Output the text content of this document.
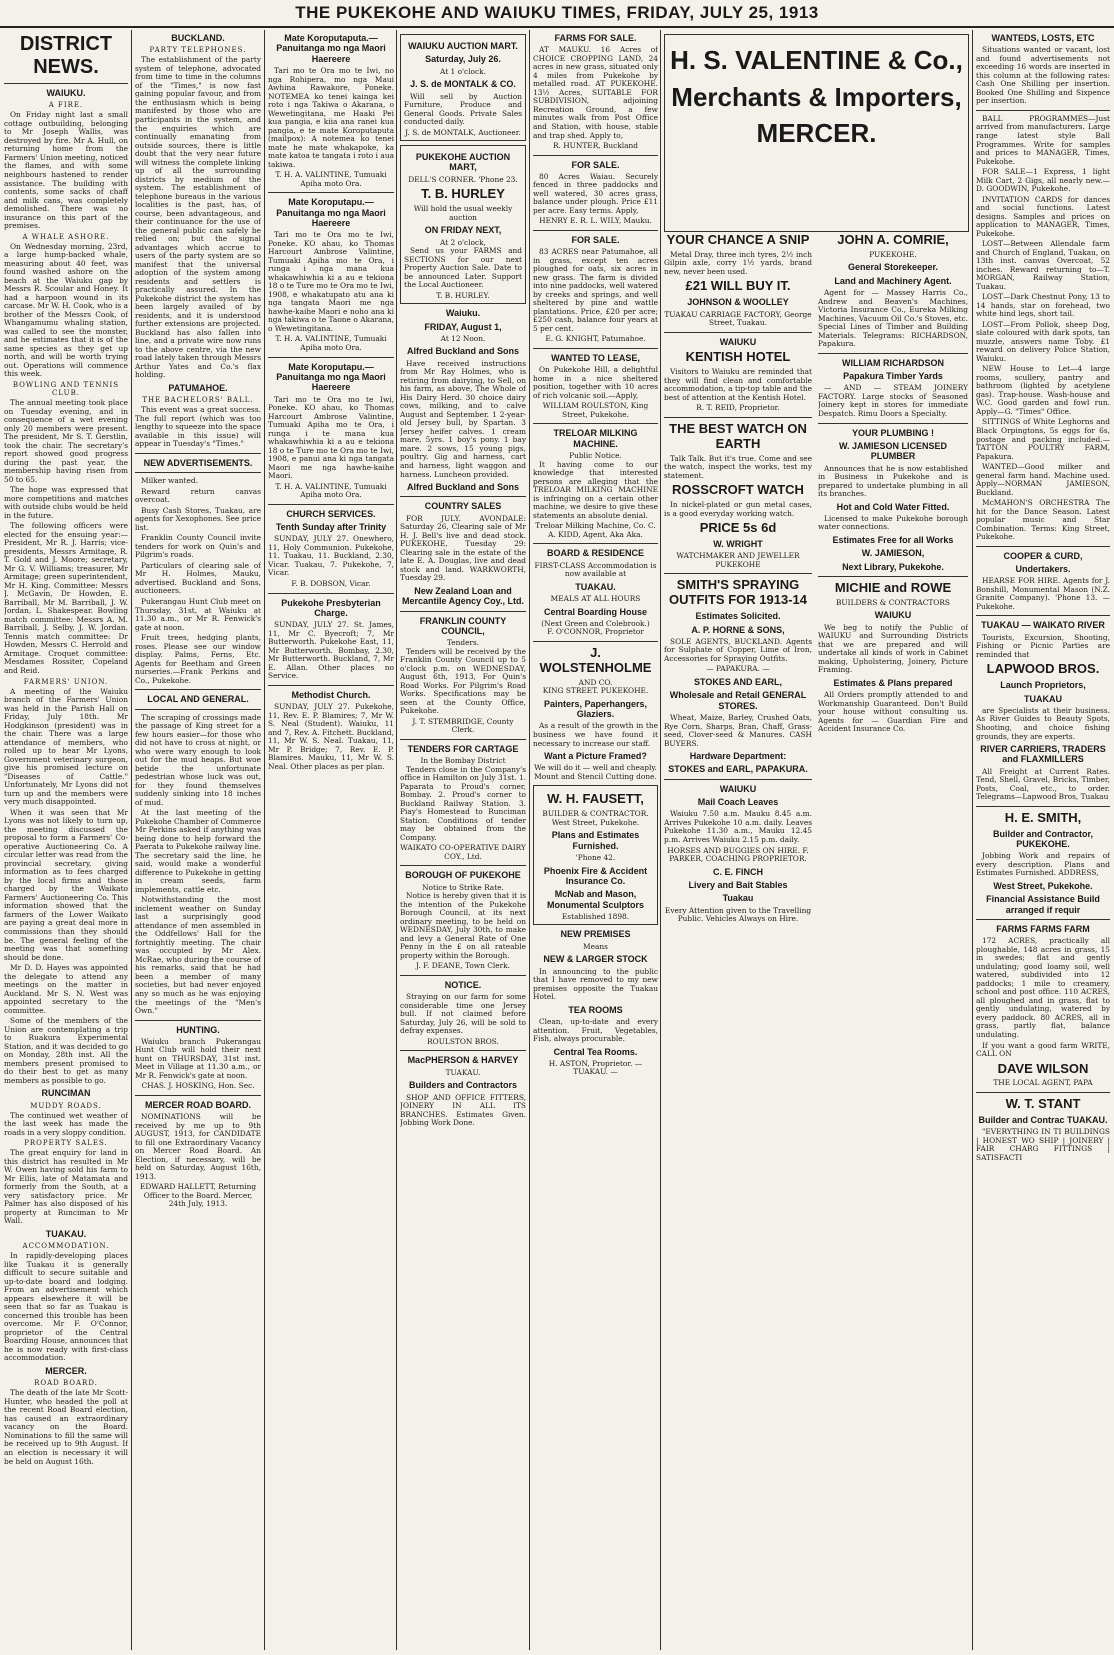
THE PUKEKOHE AND WAIUKU TIMES, FRIDAY, JULY 25, 1913
DISTRICT NEWS.
WAIUKU.
A FIRE.

On Friday night last a small cottage outbuilding, belonging to Mr Joseph Wallis, was destroyed by fire. Mr A. Hull, on returning home from the Farmers' Union meeting, noticed the flames, and with some neighbours hastened to render assistance. The building with contents, some sacks of chaff and milk cans, was completely demolished. There was no insurance on this part of the premises.

A WHALE ASHORE.

On Wednesday morning, 23rd, a large hump-backed whale, measuring about 40 feet, was found washed ashore on the beach at the Waiuku gap by Messrs R. Scoular and Honey. It had a harpoon wound in its carcase. Mr W. H. Cook, who is a brother of the Messrs Cook, of Whangamumu whaling station, was called to see the monster, and he estimates that it is of the same species as they get up north, and will be worth trying out. Operations will commence this week.

BOWLING AND TENNIS CLUB.

The annual meeting took place on Tuesday evening, and in consequence of a wet evening only 20 members were present. The president, Mr S. T. Gerstlin, took the chair. The secretary's report showed good progress during the past year, the membership having risen from 50 to 65.

The hope was expressed that more competitions and matches with outside clubs would be held in the future.

The following officers were elected for the ensuing year:—President, Mr R. J. Harris; vice-presidents, Messrs Armitage, R. T. Gold and J. Moore; secretary, Mr G. V. Williams; treasurer, Mr Armitage; green superintendent, Mr H. King. Committee: Messrs J. McGavin, Dr Howden, E. Barriball, Mr M. Barriball, J. W. Jordan, L. Shakespear. Bowling match committee: Messrs A. M. Barriball, J. Selby, J. W. Jordan. Tennis match committee: Dr Howden, Messrs C. Herrold and Armitage. Croquet committee: Mesdames Rossiter, Copeland and Reid.

FARMERS' UNION.

A meeting of the Waiuku branch of the Farmers' Union was held in the Parish Hall on Friday, July 18th. Mr Hodgkinson (president) was in the chair. There was a large attendance of members, who rolled up to hear Mr Lyons, Government veterinary surgeon, give his promised lecture on "Diseases of Cattle." Unfortunately, Mr Lyons did not turn up and the members were very much disappointed.

When it was seen that Mr Lyons was not likely to turn up, the meeting discussed the proposal to form a Farmers' Co-operative Auctioneering Co. A circular letter was read from the provincial secretary, giving information as to fees charged by the local firms and those charged by the Waikato Farmers' Auctioneering Co. This information showed that the farmers of the Lower Waikato are paying a great deal more in commissions than they should be. The general feeling of the meeting was that something should be done.

Mr D. D. Hayes was appointed the delegate to attend any meetings on the matter in Auckland. Mr S. N. West was appointed secretary to the committee.

Some of the members of the Union are contemplating a trip to Ruakura Experimental Station, and it was decided to go on Monday, 28th inst. All the members present promised to do their best to get as many members as possible to go.

RUNCIMAN
MUDDY ROADS.

The continued wet weather of the last week has made the roads in a very sloppy condition.

PROPERTY SALES.

The great enquiry for land in this district has resulted in Mr W. Owen having sold his farm to Mr Ellis, late of Matamata and formerly from the South, at a very satisfactory price. Mr Palmer has also disposed of his property at Runciman to Mr Wall.

TUAKAU.
ACCOMMODATION.

In rapidly-developing places like Tuakau it is generally difficult to secure suitable and up-to-date board and lodging. From an advertisement which appears elsewhere it will be seen that so far as Tuakau is concerned this trouble has been overcome. Mr F. O'Connor, proprietor of the Central Boarding House, announces that he is now ready with first-class accommodation.

MERCER.
ROAD BOARD.

The death of the late Mr Scott-Hunter, who headed the poll at the recent Road Board election, has caused an extraordinary vacancy on the Board. Nominations to fill the same will be received up to 9th August. If an election is necessary it will be held on August 16th.

BUCKLAND.
PARTY TELEPHONES.

The establishment of the party system of telephone, advocated from time to time in the columns of the "Times," is now fast gaining popular favour, and from the enthusiasm which is being manifested by those who are participants in the system, and the enquiries which are continually emanating from outside sources, there is little doubt that the very near future will witness the complete linking up of all the surrounding districts by medium of the system. The establishment of telephone bureaus in the various localities is the past, has, of course, been advantageous, and their continuance for the use of the general public can safely be relied on; but the signal advantages which accrue to users of the party system are so manifest that the universal adoption of the system among residents and settlers is practically assured. In the Pukekohe district the system has been largely availed of by residents, and it is understood further extensions are projected. Buckland has also fallen into line, and a private wire now runs to the above centre, via the new road lately taken through Messrs Arthur Yates and Co.'s flax holding.

PATUMAHOE.
THE BACHELORS' BALL.

This event was a great success. The full report (which was too lengthy to squeeze into the space available in this issue) will appear in Tuesday's "Times."

NEW ADVERTISEMENTS.

Milker wanted.

Reward return canvas overcoat.

Busy Cash Stores, Tuakau, are agents for Xexophones. See price list.

Franklin County Council invite tenders for work on Quin's and Pilgrim's roads.

Particulars of clearing sale of Mr H. Holmes, Mauku, advertised. Buckland and Sons, auctioneers.

Pukerangau Hunt Club meet on Thursday, 31st, at Waiuku at 11.30 a.m., or Mr R. Fenwick's gate at noon.

Fruit trees, hedging plants, roses. Please see our window display. Palms, Ferns, Etc. Agents for Beetham and Green nurseries.—Frank Perkins and Co., Pukekohe.

LOCAL AND GENERAL.

The scraping of crossings made the passage of King street for a few hours easier—for those who did not have to cross at night, or who were wary enough to look out for the mud heaps. But woe betide the unfortunate pedestrian whose luck was out, for they found themselves suddenly sinking into 18 inches of mud.

At the last meeting of the Pukekohe Chamber of Commerce Mr Perkins asked if anything was being done to help forward the Paerata to Pukekohe railway line. The secretary said the line, he said, would make a wonderful difference to Pukekohe in getting in cream seeds, farm implements, cattle etc.

Notwithstanding the most inclement weather on Sunday last a surprisingly good attendance of men assembled in the Oddfellows' Hall for the fortnightly meeting. The chair was occupied by Mr Alex. McRae, who during the course of his remarks, said that he had been a member of many societies, but had never enjoyed any so much as he was enjoying the meetings of the "Men's Own."

HUNTING.

Waiuku branch Pukerangau Hunt Club will hold their next hunt on THURSDAY, 31st inst. Meet in Village at 11.30 a.m., or Mr R. Fenwick's gate at noon.

CHAS. J. HOSKING, Hon. Sec.
MERCER ROAD BOARD.

NOMINATIONS will be received by me up to 9th AUGUST, 1913, for CANDIDATE to fill one Extraordinary Vacancy on Mercer Road Board. An Election, if necessary, will be held on Saturday, August 16th, 1913.

EDWARD HALLETT, Returning Officer to the Board. Mercer, 24th July, 1913.
Mate Koroputaputa.—Panuitanga mo nga Maori Haereere

Tari mo te Ora mo te Iwi, no nga Rohipera, mo nga Maui Awhina Rawakore, Poneke. NOTEMEA ko tenei kainga kei roto i nga Takiwa o Akarana, o Wewetingitana, me Haaki Pei kua pangia, e kiia ana ranei kua pangia, e te mate Koroputaputa (mailpox): A notemea ko tenei mate he mate whakapoke, ka mate katoa te tangata i roto i aua takiwa.

T. H. A. VALINTINE, Tumuaki Apiha moto Ora.
Mate Koroputapu.—Panuitanga mo nga Maori Haereere

Tari mo te Ora mo te Iwi, Poneke. KO ahau, ko Thomas Harcourt Ambrose Valintine, Tumuaki Apiha mo te Ora, i runga i nga mana kua whakawhiwhia ki a au e tekiona 18 o te Ture mo te Ora mo te Iwi, 1908, e whakatupato atu ana ki nga tangata Maori me nga hawhe-kaihe Maori e noho ana ki nga takiwa o te Taone o Akarana, o Wewetingitana.

T. H. A. VALINTINE, Tumuaki Apiha moto Ora.
Mate Koroputapu.—Panuitanga mo nga Maori Haereere

Tari mo te Ora mo te Iwi, Poneke. KO ahau, ko Thomas Harcourt Ambrose Valintine, Tumuaki Apiha mo te Ora, i runga i te mana kua whakawhiwhia ki a au e tekiona 18 o te Ture mo te Ora mo te Iwi, 1908, e panui ana ki nga tangata Maori me nga hawhe-kaihe Maori.

T. H. A. VALINTINE, Tumuaki Apiha moto Ora.
CHURCH SERVICES.
Tenth Sunday after Trinity

SUNDAY, JULY 27. Onewhero, 11, Holy Communion. Pukekohe, 11. Tuakau, 11. Buckland, 2.30, Vicar. Tuakau, 7. Pukekohe, 7, Vicar.

F. B. DOBSON, Vicar.
Pukekohe Presbyterian Charge.

SUNDAY, JULY 27. St. James, 11, Mr C. Byecroft; 7, Mr Butterworth. Pukekohe East, 11, Mr Butterworth. Bombay, 2.30, Mr Butterworth. Buckland, 7, Mr E. Allan. Other places no Service.

Methodist Church.

SUNDAY, JULY 27. Pukekohe, 11, Rev. E. P. Blamires; 7, Mr W. S. Neal (Student). Waiuku, 11 and 7, Rev. A. Fitchett. Buckland, 11, Mr W. S. Neal. Tuakau, 11, Mr P. Bridge; 7, Rev. E. P. Blamires. Mauku, 11, Mr W. S. Neal. Other places as per plan.

WAIUKU AUCTION MART.
Saturday, July 26.
At 1 o'clock.
J. S. de MONTALK & CO.

Will sell by Auction Furniture, Produce and General Goods. Private Sales conducted daily.

J. S. de MONTALK, Auctioneer.
PUKEKOHE AUCTION MART,
DELL'S CORNER. 'Phone 23.
T. B. HURLEY
Will hold the usual weekly auction
ON FRIDAY NEXT,
At 2 o'clock,

Send us your FARMS and SECTIONS for our next Property Auction Sale. Date to be announced Later. Support the Local Auctioneer.

T. B. HURLEY.
Waiuku.
FRIDAY, August 1,
At 12 Noon.
Alfred Buckland and Sons

Have received instructions from Mr Ray Holmes, who is retiring from dairying, to Sell, on his farm, as above, The Whole of His Dairy Herd. 30 choice dairy cows, milking, and to calve August and September. 1 2-year-old Jersey bull, by Spartan. 3 Jersey heifer calves. 1 cream mare, 5yrs. 1 boy's pony. 1 bay mare. 2 sows, 15 young pigs, poultry. Gig and harness, cart and harness, light waggon and harness. Luncheon provided.

Alfred Buckland and Sons
COUNTRY SALES

FOR JULY. AVONDALE: Saturday 26, Clearing sale of Mr H. J. Bell's live and dead stock. PUKEKOHE, Tuesday 29: Clearing sale in the estate of the late E. A. Douglas, live and dead stock and land. WARKWORTH, Tuesday 29.

New Zealand Loan and Mercantile Agency Coy., Ltd.
FRANKLIN COUNTY COUNCIL,
Tenders.

Tenders will be received by the Franklin County Council up to 5 o'clock p.m. on WEDNESDAY, August 6th, 1913, For Quin's Road Works. For Pilgrim's Road Works. Specifications may be seen at the County Office, Pukekohe.

J. T. STEMBRIDGE, County Clerk.
TENDERS FOR CARTAGE
In the Bombay District

Tenders close in the Company's office in Hamilton on July 31st. 1. Paparata to Proud's corner, Bombay. 2. Proud's corner to Buckland Railway Station. 3. Piay's Homestead to Runciman Station. Conditions of tender may be obtained from the Company.

WAIKATO CO-OPERATIVE DAIRY COY., Ltd.
BOROUGH OF PUKEKOHE
Notice to Strike Rate.

Notice is hereby given that it is the intention of the Pukekohe Borough Council, at its next ordinary meeting, to be held on WEDNESDAY, July 30th, to make and levy a General Rate of One Penny in the £ on all rateable property within the Borough.

J. F. DEANE, Town Clerk.
NOTICE.

Straying on our farm for some considerable time one Jersey bull. If not claimed before Saturday, July 26, will be sold to defray expenses.

ROULSTON BROS.
MacPHERSON & HARVEY
TUAKAU.
Builders and Contractors

SHOP AND OFFICE FITTERS, JOINERY IN ALL ITS BRANCHES. Estimates Given. Jobbing Work Done.

FARMS FOR SALE.

AT MAUKU. 16 Acres of CHOICE CROPPING LAND, 24 acres in new grass, situated only 4 miles from Pukekohe by metalled road. AT PUKEKOHE. 13½ Acres, SUITABLE FOR SUBDIVISION, adjoining Recreation Ground, a few minutes walk from Post Office and Station, with house, stable and trap shed. Apply to,

R. HUNTER, Buckland
FOR SALE.

80 Acres Waiau. Securely fenced in three paddocks and well watered, 30 acres grass, balance under plough. Price £11 per acre. Easy terms. Apply,

HENRY E. R. L. WILY, Mauku.
FOR SALE.

83 ACRES near Patumahoe, all in grass, except ten acres ploughed for oats, six acres in new grass. The farm is divided into nine paddocks, well watered by creeks and springs, and well sheltered by pine and wattle plantations. Price, £20 per acre; £250 cash, balance four years at 5 per cent.

E. G. KNIGHT, Patumahoe.
WANTED TO LEASE,

On Pukekohe Hill, a delightful home in a nice sheltered position, together with 10 acres of rich volcanic soil.—Apply,

WILLIAM ROULSTON, King Street, Pukekohe.
TRELOAR MILKING MACHINE.
Public Notice.

It having come to our knowledge that interested persons are alleging that the TRELOAR MILKING MACHINE is infringing on a certain other machine, we desire to give these statements an absolute denial.

Treloar Milking Machine, Co. C. A. KIDD, Agent, Aka Aka.
BOARD & RESIDENCE
FIRST-CLASS Accommodation is now available at
TUAKAU.
MEALS AT ALL HOURS
Central Boarding House
(Next Green and Colebrook.)
F. O'CONNOR, Proprietor
J. WOLSTENHOLME
AND CO.
KING STREET. PUKEKOHE.
Painters, Paperhangers, Glaziers.

As a result of the growth in the business we have found it necessary to increase our staff.

Want a Picture Framed?
We will do it — well and cheaply. Mount and Stencil Cutting done.
W. H. FAUSETT,
BUILDER & CONTRACTOR. West Street, Pukekohe.
Plans and Estimates Furnished.
'Phone 42.
Phoenix Fire & Accident Insurance Co.
McNab and Mason, Monumental Sculptors
Established 1898.
NEW PREMISES
Means
NEW & LARGER STOCK

In announcing to the public that I have removed to my new premises opposite the Tuakau Hotel.

TEA ROOMS

Clean, up-to-date and every attention. Fruit, Vegetables, Fish, always procurable.

Central Tea Rooms.
H. ASTON, Proprietor. — TUAKAU. —
H. S. VALENTINE & Co.,
Merchants & Importers,
MERCER.
YOUR CHANCE A SNIP

Metal Dray, three inch tyres, 2½ inch Gilpin axle, corry 1½ yards, brand new, never been used.

£21 WILL BUY IT.
JOHNSON & WOOLLEY
TUAKAU CARRIAGE FACTORY, George Street, Tuakau.
WAIUKU
KENTISH HOTEL

Visitors to Waiuku are reminded that they will find clean and comfortable accommodation, a tip-top table and the best of attention at the Kentish Hotel.

R. T. REID, Proprietor.
THE BEST WATCH ON EARTH

Talk Talk. But it's true. Come and see the watch, inspect the works, test my statement.

ROSSCROFT WATCH

In nickel-plated or gun metal cases, is a good everyday working watch.

PRICE 5s 6d
W. WRIGHT
WATCHMAKER AND JEWELLER PUKEKOHE
SMITH'S SPRAYING OUTFITS FOR 1913-14
Estimates Solicited.
A. P. HORNE & SONS,

SOLE AGENTS, BUCKLAND. Agents for Sulphate of Copper, Lime of Iron, Accessories for Spraying Outfits.

— PAPAKURA. —
STOKES AND EARL,
Wholesale and Retail GENERAL STORES.

Wheat, Maize, Barley, Crushed Oats, Rye Corn, Sharps, Bran, Chaff, Grass-seed, Clover-seed & Manures. CASH BUYERS.

Hardware Department:
STOKES and EARL, PAPAKURA.
WAIUKU
Mail Coach Leaves

Waiuku 7.50 a.m. Mauku 8.45 a.m. Arrives Pukekohe 10 a.m. daily. Leaves Pukekohe 11.30 a.m., Mauku 12.45 p.m. Arrives Waiuku 2.15 p.m. daily.

HORSES AND BUGGIES ON HIRE. F. PARKER, COACHING PROPRIETOR.
C. E. FINCH
Livery and Bait Stables
Tuakau
Every Attention given to the Travelling Public. Vehicles Always on Hire.
JOHN A. COMRIE,
PUKEKOHE.
General Storekeeper.
Land and Machinery Agent.

Agent for — Massey Harris Co., Andrew and Beaven's Machines, Victoria Insurance Co., Eureka Milking Machines, Vacuum Oil Co.'s Stoves, etc. Special Lines of Timber and Building Materials. Telegrams: RICHARDSON, Papakura.

WILLIAM RICHARDSON
Papakura Timber Yards

— AND — STEAM JOINERY FACTORY. Large stocks of Seasoned Joinery kept in stores for immediate Despatch. Rimu Doors a Specialty.

YOUR PLUMBING !
W. JAMIESON LICENSED PLUMBER

Announces that he is now established in Business in Pukekohe and is prepared to undertake plumbing in all its branches.

Hot and Cold Water Fitted.

Licensed to make Pukekohe borough water connections.

Estimates Free for all Works
W. JAMIESON,
Next Library, Pukekohe.
MICHIE and ROWE
BUILDERS & CONTRACTORS
WAIUKU

We beg to notify the Public of WAIUKU and Surrounding Districts that we are prepared and will undertake all kinds of work in Cabinet making, Upholstering, Joinery, Picture Framing.

Estimates & Plans prepared

All Orders promptly attended to and Workmanship Guaranteed. Don't Build your house without consulting us. Agents for — Guardian Fire and Accident Insurance Co.

WANTEDS, LOSTS, ETC

Situations wanted or vacant, lost and found advertisements not exceeding 16 words are inserted in this column at the following rates: Cash One Shilling per insertion. Booked One Shilling and Sixpence per insertion.

BALL PROGRAMMES—Just arrived from manufacturers. Large range latest style Ball Programmes. Write for samples and prices to MANAGER, Times, Pukekohe.

FOR SALE—1 Express, 1 light Milk Cart, 2 Gigs, all nearly new.—D. GOODWIN, Pukekohe.

INVITATION CARDS for dances and social functions. Latest designs. Samples and prices on application to MANAGER, Times, Pukekohe.

LOST—Between Allendale farm and Church of England, Tuakau, on 13th inst. canvas Overcoat, 52 inches. Reward returning to—T. MORGAN, Railway Station, Tuakau.

LOST—Dark Chestnut Pony, 13 to 14 hands, star on forehead, two white hind legs, short tail.

LOST—From Pollok, sheep Dog, slate coloured with dark spots, tan muzzle, answers name Toby. £1 reward on delivery Police Station, Waiuku.

NEW House to Let—4 large rooms, scullery, pantry and bathroom (lighted by acetylene gas). Trap-house. Wash-house and W.C. Good garden and fowl run. Apply—G. "Times" Office.

SITTINGS of White Leghorns and Black Orpingtons, 5s eggs for 6s, postage and packing included.—TATTON POULTRY FARM, Papakura.

WANTED—Good milker and general farm hand. Machine used. Apply—NORMAN JAMIESON, Buckland.

McMAHON'S ORCHESTRA The hit for the Dance Season. Latest popular music and Star Combination. Terms: King Street, Pukekohe.

COOPER & CURD,
Undertakers.

HEARSE FOR HIRE. Agents for J. Bonshill, Monumental Mason (N.Z. Granite Company). 'Phone 13. — Pukekohe.

TUAKAU — WAIKATO RIVER

Tourists, Excursion, Shooting, Fishing or Picnic Parties are reminded that

LAPWOOD BROS.
Launch Proprietors,
TUAKAU

are Specialists at their business. As River Guides to Beauty Spots, Shooting, and choice fishing grounds, they are experts.

RIVER CARRIERS, TRADERS and FLAXMILLERS

All Freight at Current Rates. Tend, Shell, Gravel, Bricks, Timber, Posts, Coal, etc., to order. Telegrams—Lapwood Bros, Tuakau

H. E. SMITH,
Builder and Contractor, PUKEKOHE.

Jobbing Work and repairs of every description. Plans and Estimates Furnished. ADDRESS,

West Street, Pukekohe.
Financial Assistance Build arranged if requir
FARMS FARMS FARM

172 ACRES, practically all ploughable, 148 acres in grass, 15 in swedes; flat and gently undulating; good loamy soil, well watered, subdivided into 12 paddocks; 1 mile to creamery, school and post office. 110 ACRES, all ploughed and in grass, flat to gently undulating, watered by every paddock. 80 ACRES, all in grass, partly flat, balance undulating.

If you want a good farm WRITE, CALL ON

DAVE WILSON
THE LOCAL AGENT, PAPA
W. T. STANT
Builder and Contrac TUAKAU.

"EVERYTHING IN TI BUILDINGS | HONEST WO SHIP | JOINERY | FAIR CHARG FITTINGS | SATISFACTI
